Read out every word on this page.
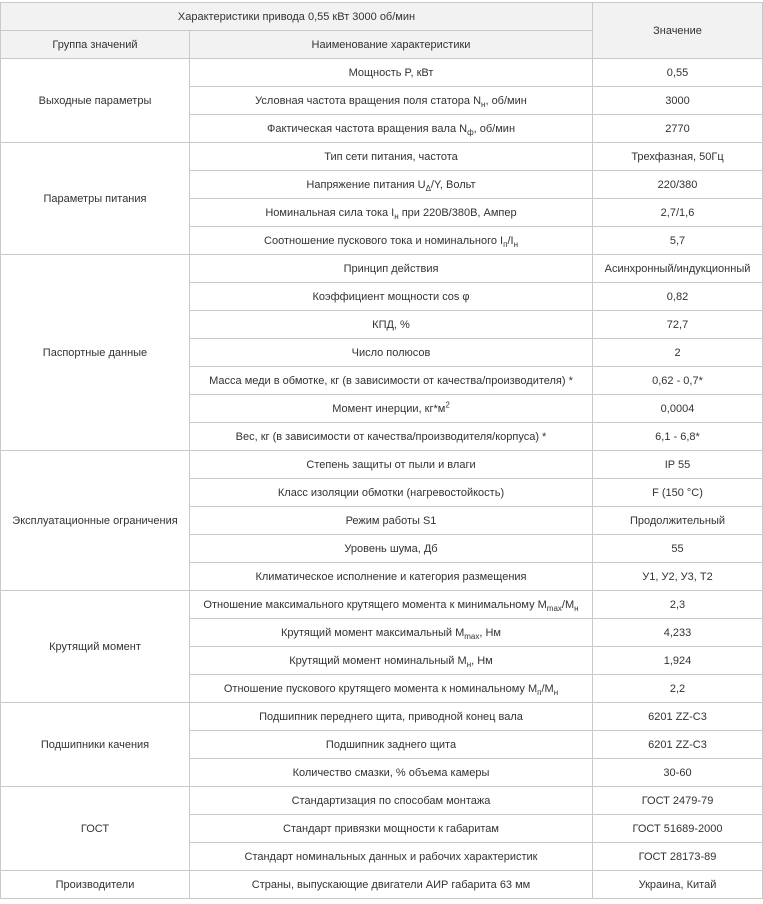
Характеристики привода 0,55 кВт 3000 об/мин		Значение
Группа значений	Наименование характеристики	
Выходные параметры	Мощность P, кВт	0,55
	Условная частота вращения поля статора $N_н$, об/мин	3000
	Фактическая частота вращения вала $N_ф$, об/мин	2770
Параметры питания	Тип сети питания, частота	Трехфазная, 50Гц
	Напряжение питания $U_\Delta/Y$, Вольт	220/380
	Номинальная сила тока $I_н$ при 220В/380В, Ампер	2,7/1,6
	Соотношение пускового тока и номинального $I_п/I_н$	5,7
Паспортные данные	Принцип действия	Асинхронный/индукционный
	Коэффициент мощности cos φ	0,82
	КПД, %	72,7
	Число полюсов	2
	Масса меди в обмотке, кг (в зависимости от качества/производителя) *	0,62 - 0,7*
	Момент инерции, $кг*м^2$	0,0004
	Вес, кг (в зависимости от качества/производителя/корпуса) *	6,1 - 6,8*
Эксплуатационные ограничения	Степень защиты от пыли и влаги	IP 55
	Класс изоляции обмотки (нагревостойкость)	F (150 °C)
	Режим работы S1	Продолжительный
	Уровень шума, Дб	55
	Климатическое исполнение и категория размещения	У1, У2, У3, Т2
Крутящий момент	Отношение максимального крутящего момента к минимальному $M_{max}/M_н$	2,3
	Крутящий момент максимальный $M_{max}$, Нм	4,233
	Крутящий момент номинальный $M_н$, Нм	1,924
	Отношение пускового крутящего момента к номинальному $M_п/M_н$	2,2
Подшипники качения	Подшипник переднего щита, приводной конец вала	6201 ZZ-C3
	Подшипник заднего щита	6201 ZZ-C3
	Количество смазки, % объема камеры	30-60
ГОСТ	Стандартизация по способам монтажа	ГОСТ 2479-79
	Стандарт привязки мощности к габаритам	ГОСТ 51689-2000
	Стандарт номинальных данных и рабочих характеристик	ГОСТ 28173-89
Производители	Страны, выпускающие двигатели АИР габарита 63 мм	Украина, Китай
